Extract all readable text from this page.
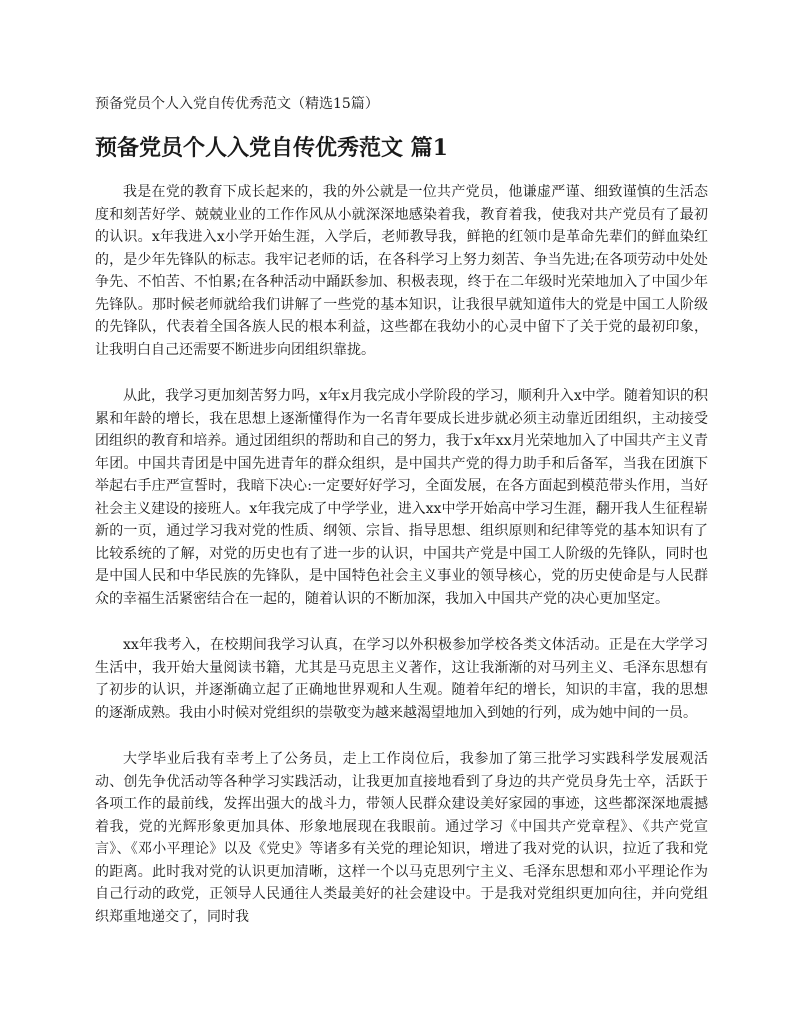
预备党员个人入党自传优秀范文（精选15篇）
预备党员个人入党自传优秀范文 篇1

我是在党的教育下成长起来的，我的外公就是一位共产党员，他谦虚严谨、细致谨慎的生活态度和刻苦好学、兢兢业业的工作作风从小就深深地感染着我，教育着我，使我对共产党员有了最初的认识。x年我进入x小学开始生涯，入学后，老师教导我，鲜艳的红领巾是革命先辈们的鲜血染红的，是少年先锋队的标志。我牢记老师的话，在各科学习上努力刻苦、争当先进;在各项劳动中处处争先、不怕苦、不怕累;在各种活动中踊跃参加、积极表现，终于在二年级时光荣地加入了中国少年先锋队。那时候老师就给我们讲解了一些党的基本知识，让我很早就知道伟大的党是中国工人阶级的先锋队，代表着全国各族人民的根本利益，这些都在我幼小的心灵中留下了关于党的最初印象，让我明白自己还需要不断进步向团组织靠拢。

从此，我学习更加刻苦努力吗，x年x月我完成小学阶段的学习，顺利升入x中学。随着知识的积累和年龄的增长，我在思想上逐渐懂得作为一名青年要成长进步就必须主动靠近团组织，主动接受团组织的教育和培养。通过团组织的帮助和自己的努力，我于x年xx月光荣地加入了中国共产主义青年团。中国共青团是中国先进青年的群众组织，是中国共产党的得力助手和后备军，当我在团旗下举起右手庄严宣誓时，我暗下决心:一定要好好学习，全面发展，在各方面起到模范带头作用，当好社会主义建设的接班人。x年我完成了中学学业，进入xx中学开始高中学习生涯，翻开我人生征程崭新的一页，通过学习我对党的性质、纲领、宗旨、指导思想、组织原则和纪律等党的基本知识有了比较系统的了解，对党的历史也有了进一步的认识，中国共产党是中国工人阶级的先锋队，同时也是中国人民和中华民族的先锋队，是中国特色社会主义事业的领导核心，党的历史使命是与人民群众的幸福生活紧密结合在一起的，随着认识的不断加深，我加入中国共产党的决心更加坚定。

xx年我考入，在校期间我学习认真，在学习以外积极参加学校各类文体活动。正是在大学学习生活中，我开始大量阅读书籍，尤其是马克思主义著作，这让我渐渐的对马列主义、毛泽东思想有了初步的认识，并逐渐确立起了正确地世界观和人生观。随着年纪的增长，知识的丰富，我的思想的逐渐成熟。我由小时候对党组织的崇敬变为越来越渴望地加入到她的行列，成为她中间的一员。

大学毕业后我有幸考上了公务员，走上工作岗位后，我参加了第三批学习实践科学发展观活动、创先争优活动等各种学习实践活动，让我更加直接地看到了身边的共产党员身先士卒，活跃于各项工作的最前线，发挥出强大的战斗力，带领人民群众建设美好家园的事迹，这些都深深地震撼着我，党的光辉形象更加具体、形象地展现在我眼前。通过学习《中国共产党章程》、《共产党宣言》、《邓小平理论》以及《党史》等诸多有关党的理论知识，增进了我对党的认识，拉近了我和党的距离。此时我对党的认识更加清晰，这样一个以马克思列宁主义、毛泽东思想和邓小平理论作为自己行动的政党，正领导人民通往人类最美好的社会建设中。于是我对党组织更加向往，并向党组织郑重地递交了，同时我
